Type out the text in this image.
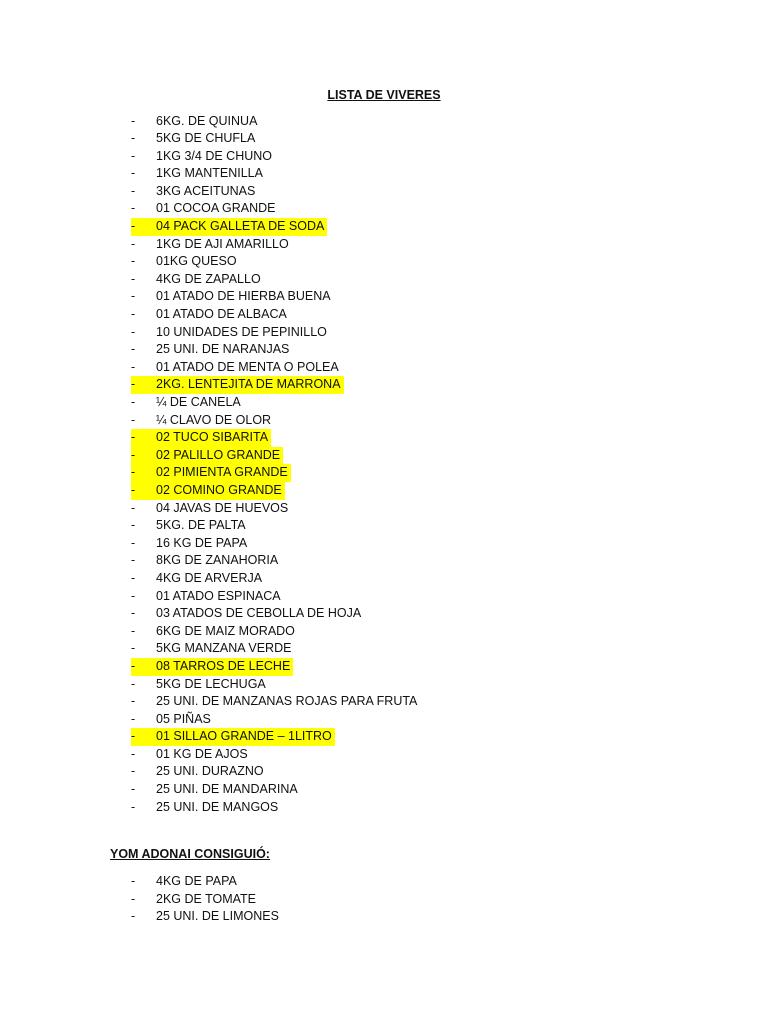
LISTA DE VIVERES
- 6KG. DE QUINUA
- 5KG DE CHUFLA
- 1KG 3/4 DE CHUNO
- 1KG MANTENILLA
- 3KG ACEITUNAS
- 01 COCOA GRANDE
- 04 PACK GALLETA DE SODA
- 1KG DE AJI AMARILLO
- 01KG QUESO
- 4KG DE ZAPALLO
- 01 ATADO DE HIERBA BUENA
- 01 ATADO DE ALBACA
- 10 UNIDADES DE PEPINILLO
- 25 UNI. DE NARANJAS
- 01 ATADO DE MENTA O POLEA
- 2KG. LENTEJITA DE MARRONA
- ¼ DE CANELA
- ¼ CLAVO DE OLOR
- 02 TUCO SIBARITA
- 02 PALILLO GRANDE
- 02 PIMIENTA GRANDE
- 02 COMINO GRANDE
- 04 JAVAS DE HUEVOS
- 5KG. DE PALTA
- 16 KG DE PAPA
- 8KG DE ZANAHORIA
- 4KG DE ARVERJA
- 01 ATADO ESPINACA
- 03 ATADOS DE CEBOLLA DE HOJA
- 6KG DE MAIZ MORADO
- 5KG MANZANA VERDE
- 08 TARROS DE LECHE
- 5KG DE LECHUGA
- 25 UNI. DE MANZANAS ROJAS PARA FRUTA
- 05 PIÑAS
- 01 SILLAO GRANDE – 1LITRO
- 01 KG DE AJOS
- 25 UNI. DURAZNO
- 25 UNI. DE MANDARINA
- 25 UNI. DE MANGOS
YOM ADONAI CONSIGUIÓ:
- 4KG DE PAPA
- 2KG DE TOMATE
- 25 UNI. DE LIMONES
